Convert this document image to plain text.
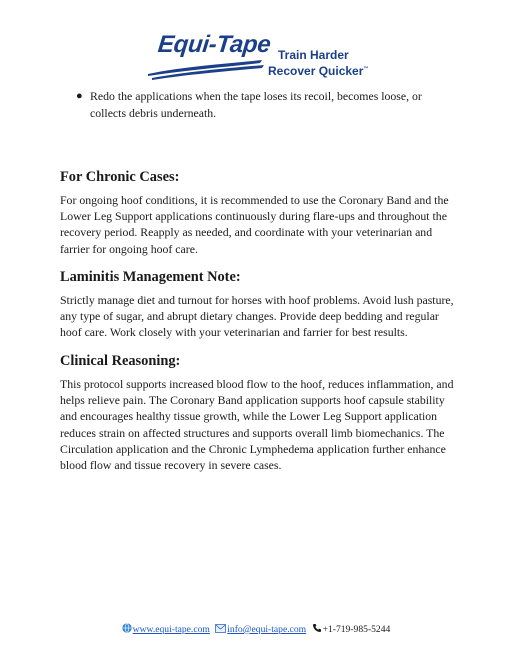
Equi-Tape Train Harder
Recover Quicker™
● Redo the applications when the tape loses its recoil, becomes loose, or collects debris underneath.
For Chronic Cases:

For ongoing hoof conditions, it is recommended to use the Coronary Band and the Lower Leg Support applications continuously during flare-ups and throughout the recovery period. Reapply as needed, and coordinate with your veterinarian and farrier for ongoing hoof care.

Laminitis Management Note:

Strictly manage diet and turnout for horses with hoof problems. Avoid lush pasture, any type of sugar, and abrupt dietary changes. Provide deep bedding and regular hoof care. Work closely with your veterinarian and farrier for best results.

Clinical Reasoning:

This protocol supports increased blood flow to the hoof, reduces inflammation, and helps relieve pain. The Coronary Band application supports hoof capsule stability and encourages healthy tissue growth, while the Lower Leg Support application reduces strain on affected structures and supports overall limb biomechanics. The Circulation application and the Chronic Lymphedema application further enhance blood flow and tissue recovery in severe cases.

www.equi-tape.com info@equi-tape.com +1-719-985-5244
